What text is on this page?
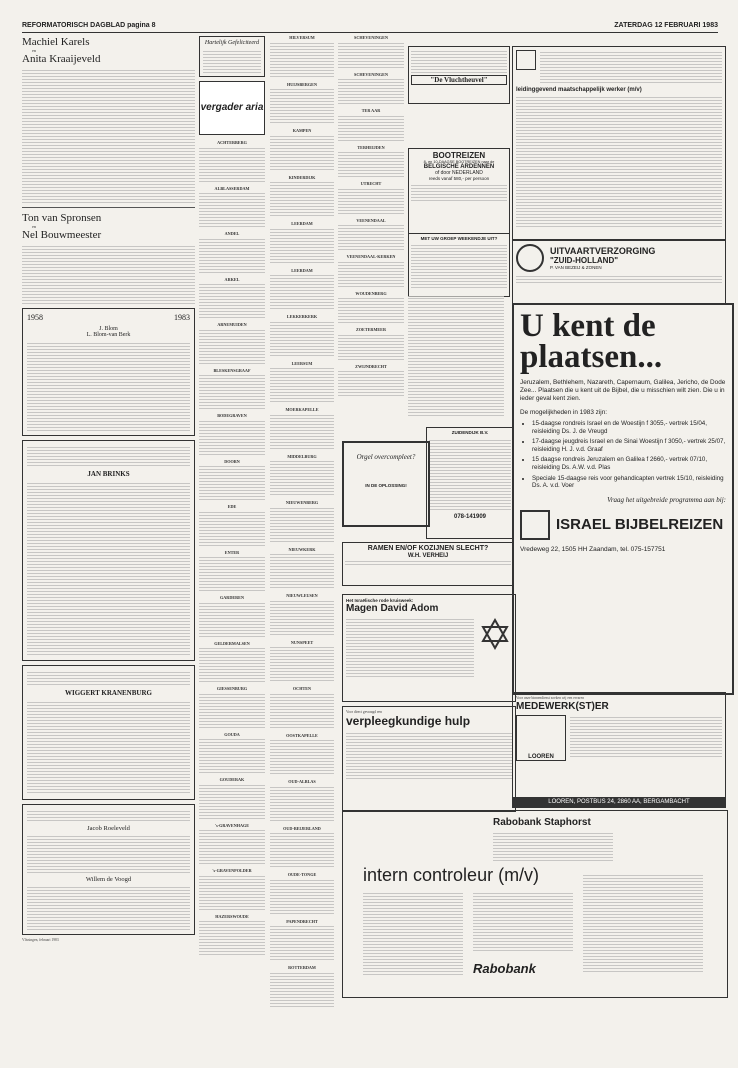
REFORMATORISCH DAGBLAD pagina 8	ZATERDAG 12 FEBRUARI 1983
Machiel Karels
en
Anita Kraaijeveld
Ton van Spronsen
en
Nel Bouwmeester
1958	1983
J. Blom
L. Blom-van Berk
JAN BRINKS
WIGGERT KRANENBURG
Jacob Roeleveld
Willem de Voogd
Vlissingen, februari 1983
Hartelijk Gefeliciteerd
vergader aria
ACHTERBERG
ALBLASSERDAM
ANDEL
ARKEL
ARNEMUIDEN
BLESKENSGRAAF
BODEGRAVEN
DOORN
EDE
ENTER
GARDEREN
GELDERMALSEN
GIESSENBURG
GOUDA
GOUDERAK
's-GRAVENHAGE
's-GRAVENPOLDER
HAZERSWOUDE
HILVERSUM
HUIJSBERGEN
KAMPEN
KINDERDIJK
LEERDAM
LEERDAM
LEKKERKERK
LEERSUM
MOERKAPELLE
MIDDELBURG
NIEUWENBERG
NIEUWKERK
NIEUWLEUSEN
NUNSPEET
OCHTEN
OOSTKAPELLE
OUD-ALBLAS
OUD-BEIJERLAND
OUDE-TONGE
PAPENDRECHT
ROTTERDAM
SCHEVENINGEN
SCHEVENINGEN
TER AAR
TERHEIJDEN
UTRECHT
VEENENDAAL
VEENENDAAL-KERKEN
WOUDENBERG
ZOETERMEER
ZWIJNDRECHT
"De Vluchtheuvel"
BOOTREIZEN
8- en 10-DAAGSE BOOTREIZEN naar de
BELGISCHE ARDENNEN
of door NEDERLAND
reeds vanaf 580,- per persoon
MET UW GROEP WEEKENDJE UIT?
ZUIDENDIJK B.V.
078-141909
Orgel overcompleet?
IN DE OPLOSSING!
RAMEN EN/OF KOZIJNEN SLECHT?
W.H. VERHEIJ
Het Israëlische rode kruisweek:
Magen David Adom
Voor direct gevraagd een
verpleegkundige hulp
leidinggevend maatschappelijk werker (m/v)
UITVAARTVERZORGING
"ZUID-HOLLAND"
P. VAN BEZEIJ & ZONEN
U kent de plaatsen...
Jeruzalem, Bethlehem, Nazareth, Capernaum, Galilea, Jericho, de Dode Zee... Plaatsen die u kent uit de Bijbel, die u misschien wilt zien. Die u in ieder geval kent zien.
De mogelijkheden in 1983 zijn:
• 15-daagse rondreis Israel en de Woestijn f 3055,- vertrek 15/04, reisleiding Ds. J. de Vreugd
• 17-daagse jeugdreis Israel en de Sinai Woestijn f 3050,- vertrek 25/07, reisleiding H. J. v.d. Graaf
• 15 daagse rondreis Jeruzalem en Galilea f 2660,- vertrek 07/10, reisleiding Ds. A.W. v.d. Plas
• Speciale 15-daagse reis voor gehandicapten vertrek 15/10, reisleiding Ds. A. v.d. Voer
Vraag het uitgebreide programma aan bij:
ISRAEL BIJBELREIZEN
Vredeweg 22, 1505 HH Zaandam, tel. 075-157751
Voor onze binnendienst zoeken wij een ervaren
MEDEWERK(ST)ER
LOOREN
LOOREN, POSTBUS 24, 2860 AA, BERGAMBACHT
Rabobank Staphorst
intern controleur (m/v)
Rabobank
